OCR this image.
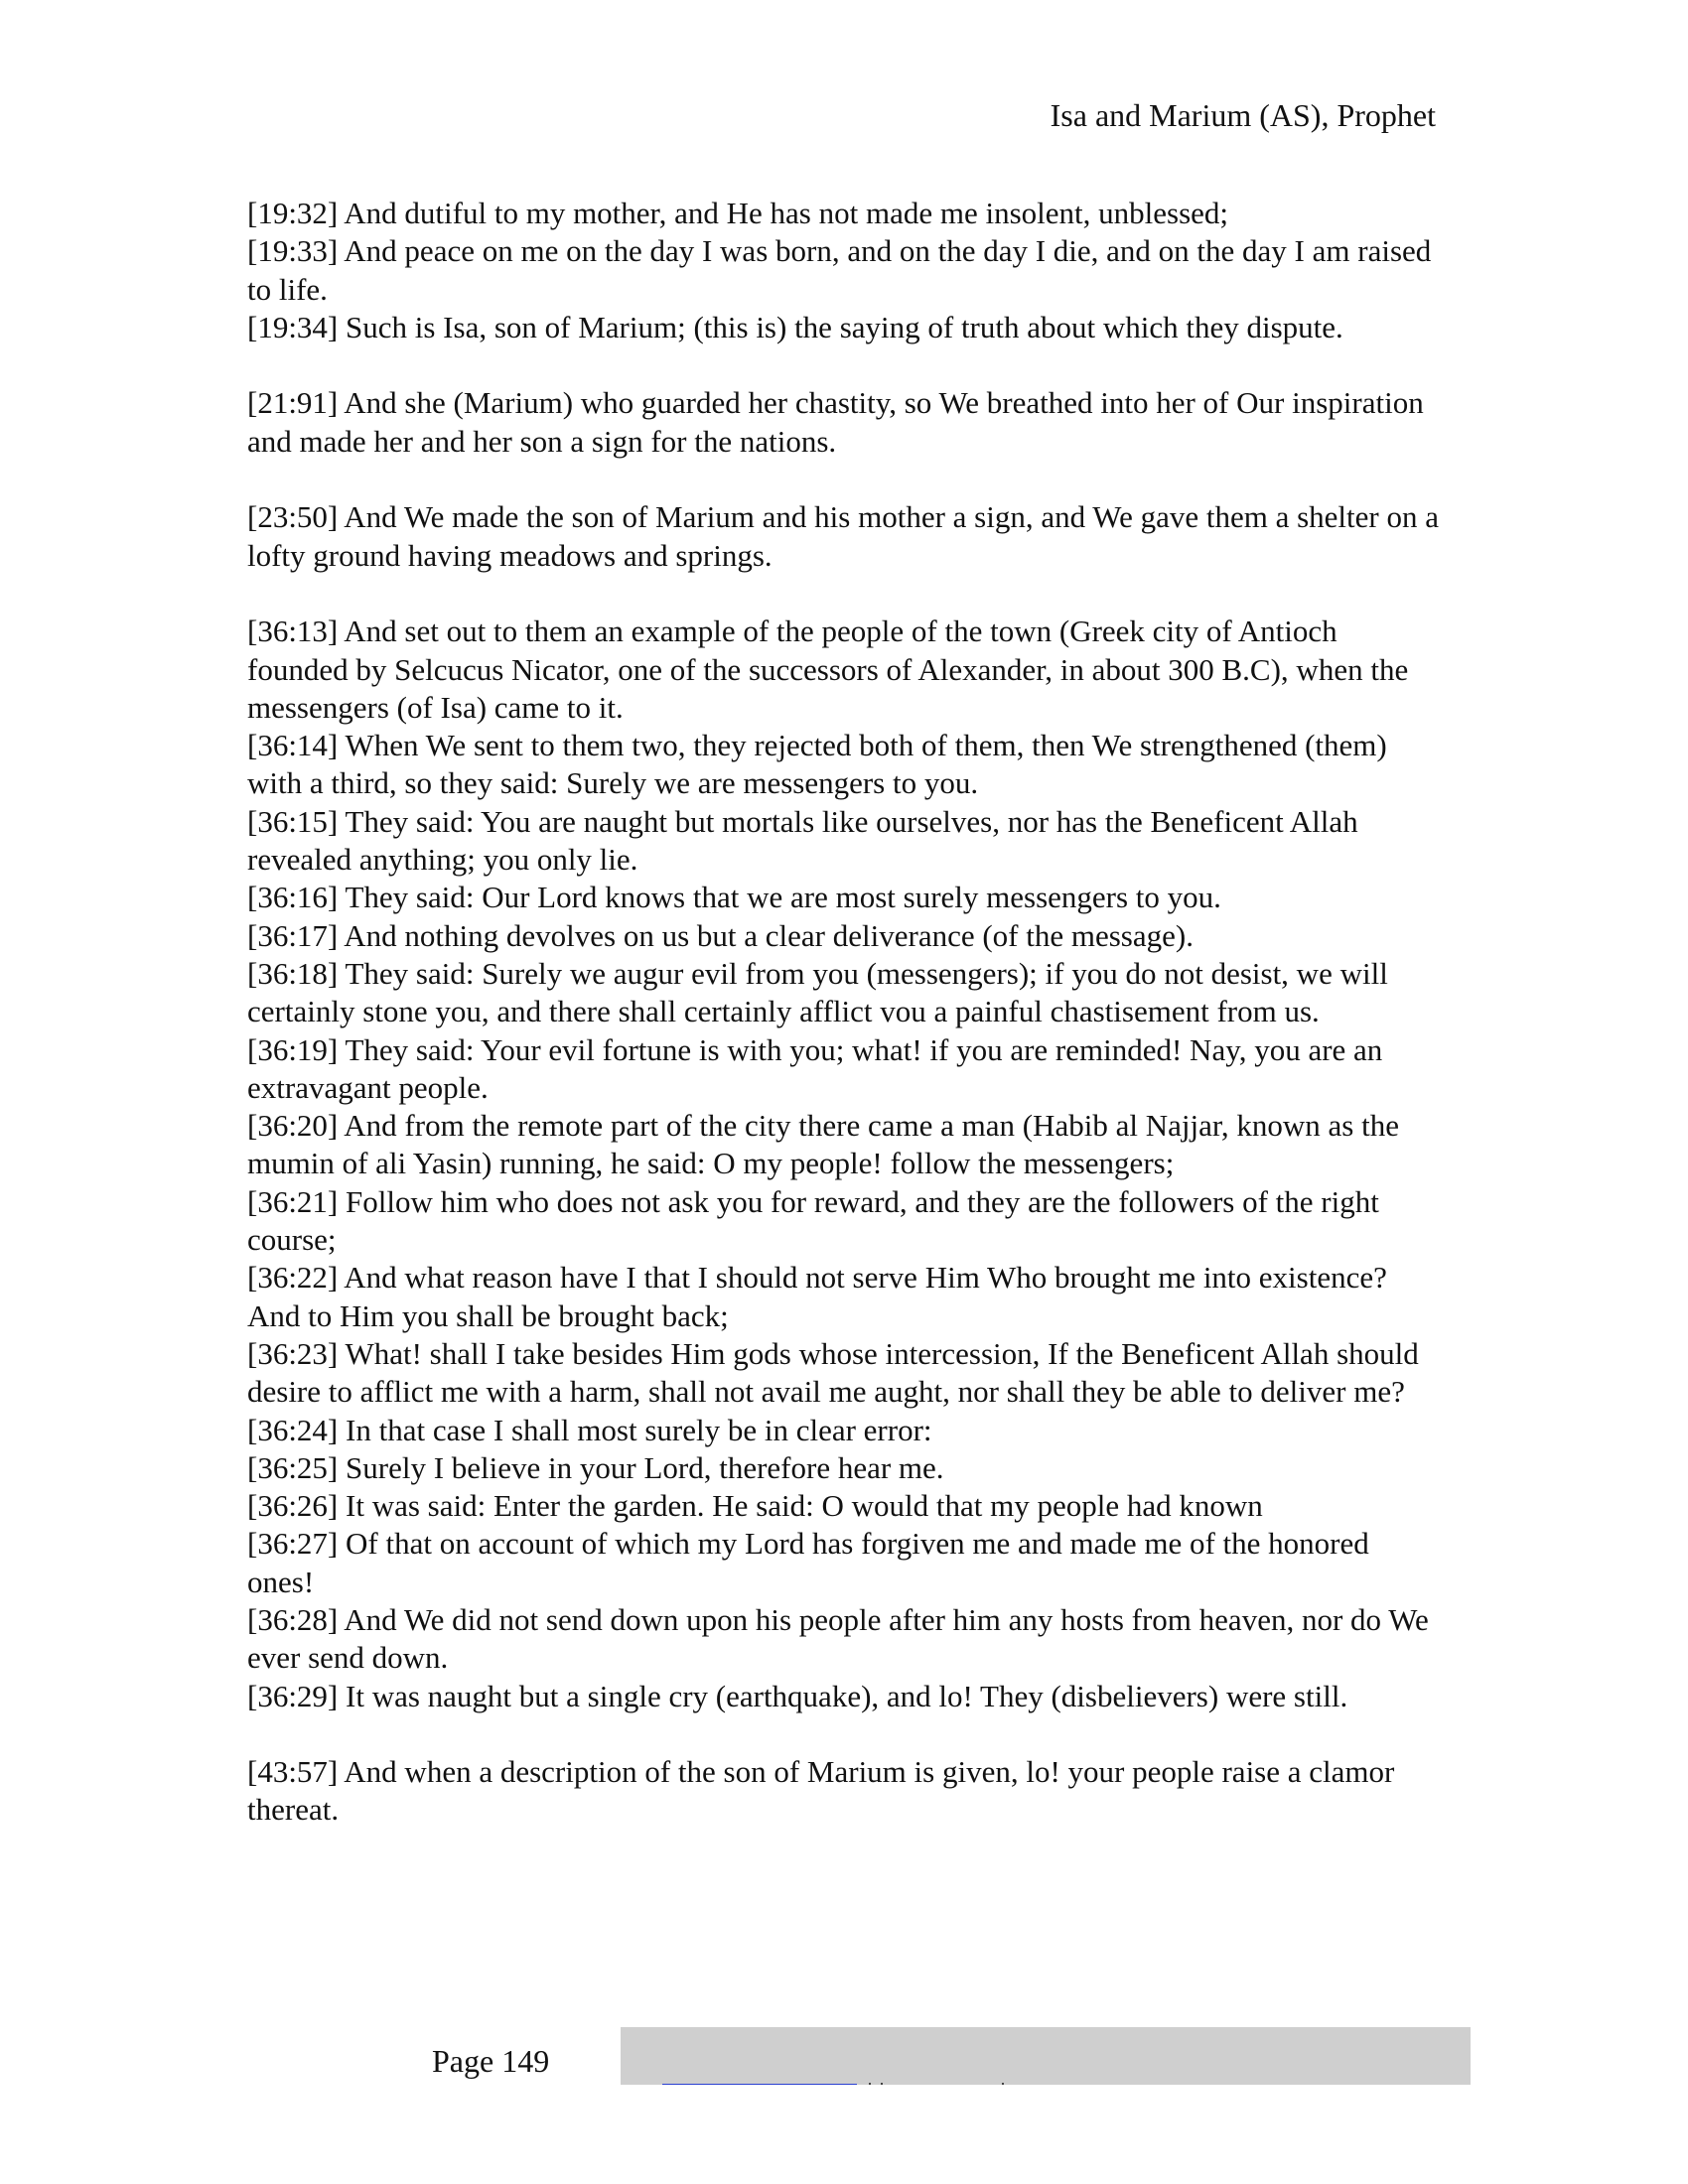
Isa and Marium (AS), Prophet

[19:32] And dutiful to my mother, and He has not made me insolent, unblessed;

[19:33] And peace on me on the day I was born, and on the day I die, and on the day I am raised to life.

[19:34] Such is Isa, son of Marium; (this is) the saying of truth about which they dispute.

[21:91] And she (Marium) who guarded her chastity, so We breathed into her of Our inspiration and made her and her son a sign for the nations.

[23:50] And We made the son of Marium and his mother a sign, and We gave them a shelter on a lofty ground having meadows and springs.

[36:13] And set out to them an example of the people of the town (Greek city of Antioch founded by Selcucus Nicator, one of the successors of Alexander, in about 300 B.C), when the messengers (of Isa) came to it.

[36:14] When We sent to them two, they rejected both of them, then We strengthened (them) with a third, so they said: Surely we are messengers to you.

[36:15] They said: You are naught but mortals like ourselves, nor has the Beneficent Allah revealed anything; you only lie.

[36:16] They said: Our Lord knows that we are most surely messengers to you.

[36:17] And nothing devolves on us but a clear deliverance (of the message).

[36:18] They said: Surely we augur evil from you (messengers); if you do not desist, we will certainly stone you, and there shall certainly afflict vou a painful chastisement from us.

[36:19] They said: Your evil fortune is with you; what! if you are reminded! Nay, you are an extravagant people.

[36:20] And from the remote part of the city there came a man (Habib al Najjar, known as the mumin of ali Yasin) running, he said: O my people! follow the messengers;

[36:21] Follow him who does not ask you for reward, and they are the followers of the right course;

[36:22] And what reason have I that I should not serve Him Who brought me into existence? And to Him you shall be brought back;

[36:23] What! shall I take besides Him gods whose intercession, If the Beneficent Allah should desire to afflict me with a harm, shall not avail me aught, nor shall they be able to deliver me?

[36:24] In that case I shall most surely be in clear error:

[36:25] Surely I believe in your Lord, therefore hear me.

[36:26] It was said: Enter the garden. He said: O would that my people had known

[36:27] Of that on account of which my Lord has forgiven me and made me of the honored ones!

[36:28] And We did not send down upon his people after him any hosts from heaven, nor do We ever send down.

[36:29] It was naught but a single cry (earthquake), and lo! They (disbelievers) were still.

[43:57] And when a description of the son of Marium is given, lo! your people raise a clamor thereat.

Page 149
